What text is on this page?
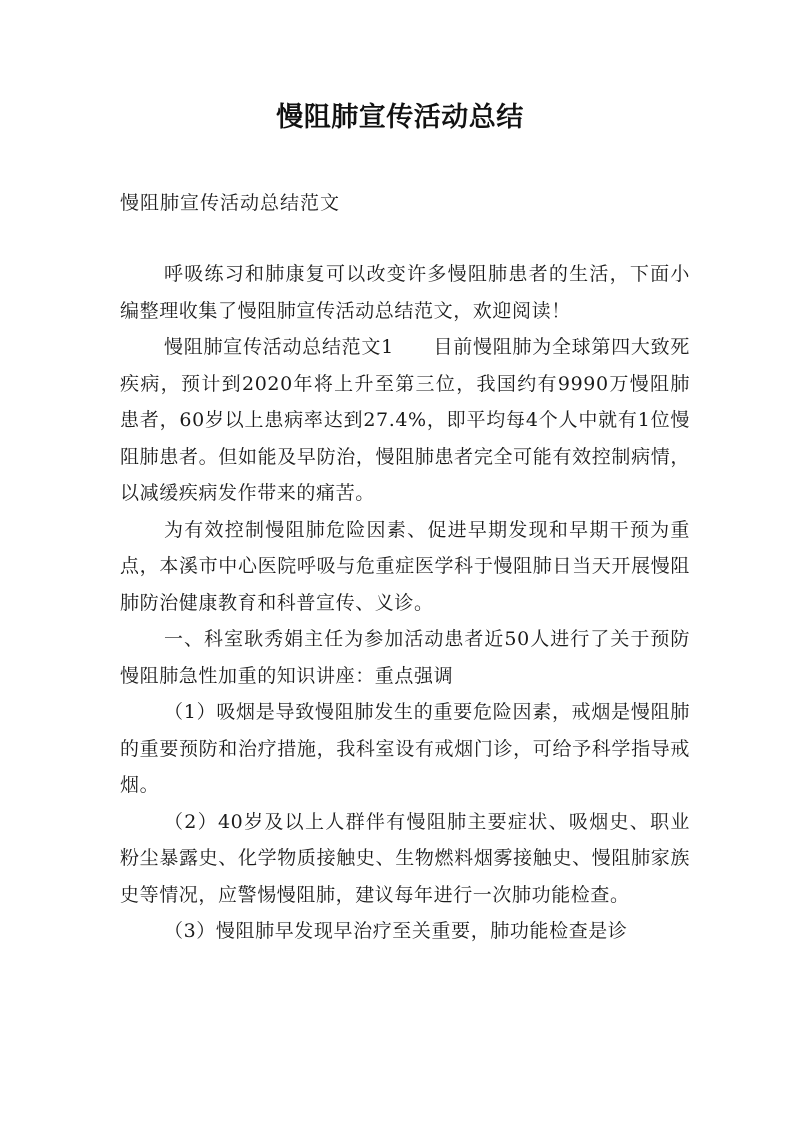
慢阻肺宣传活动总结
慢阻肺宣传活动总结范文

呼吸练习和肺康复可以改变许多慢阻肺患者的生活，下面小编整理收集了慢阻肺宣传活动总结范文，欢迎阅读！

慢阻肺宣传活动总结范文1　　目前慢阻肺为全球第四大致死疾病，预计到2020年将上升至第三位，我国约有9990万慢阻肺患者，60岁以上患病率达到27.4%，即平均每4个人中就有1位慢阻肺患者。但如能及早防治，慢阻肺患者完全可能有效控制病情，以减缓疾病发作带来的痛苦。

为有效控制慢阻肺危险因素、促进早期发现和早期干预为重点，本溪市中心医院呼吸与危重症医学科于慢阻肺日当天开展慢阻肺防治健康教育和科普宣传、义诊。

一、科室耿秀娟主任为参加活动患者近50人进行了关于预防慢阻肺急性加重的知识讲座：重点强调

（1）吸烟是导致慢阻肺发生的重要危险因素，戒烟是慢阻肺的重要预防和治疗措施，我科室设有戒烟门诊，可给予科学指导戒烟。

（2）40岁及以上人群伴有慢阻肺主要症状、吸烟史、职业粉尘暴露史、化学物质接触史、生物燃料烟雾接触史、慢阻肺家族史等情况，应警惕慢阻肺，建议每年进行一次肺功能检查。

（3）慢阻肺早发现早治疗至关重要，肺功能检查是诊
